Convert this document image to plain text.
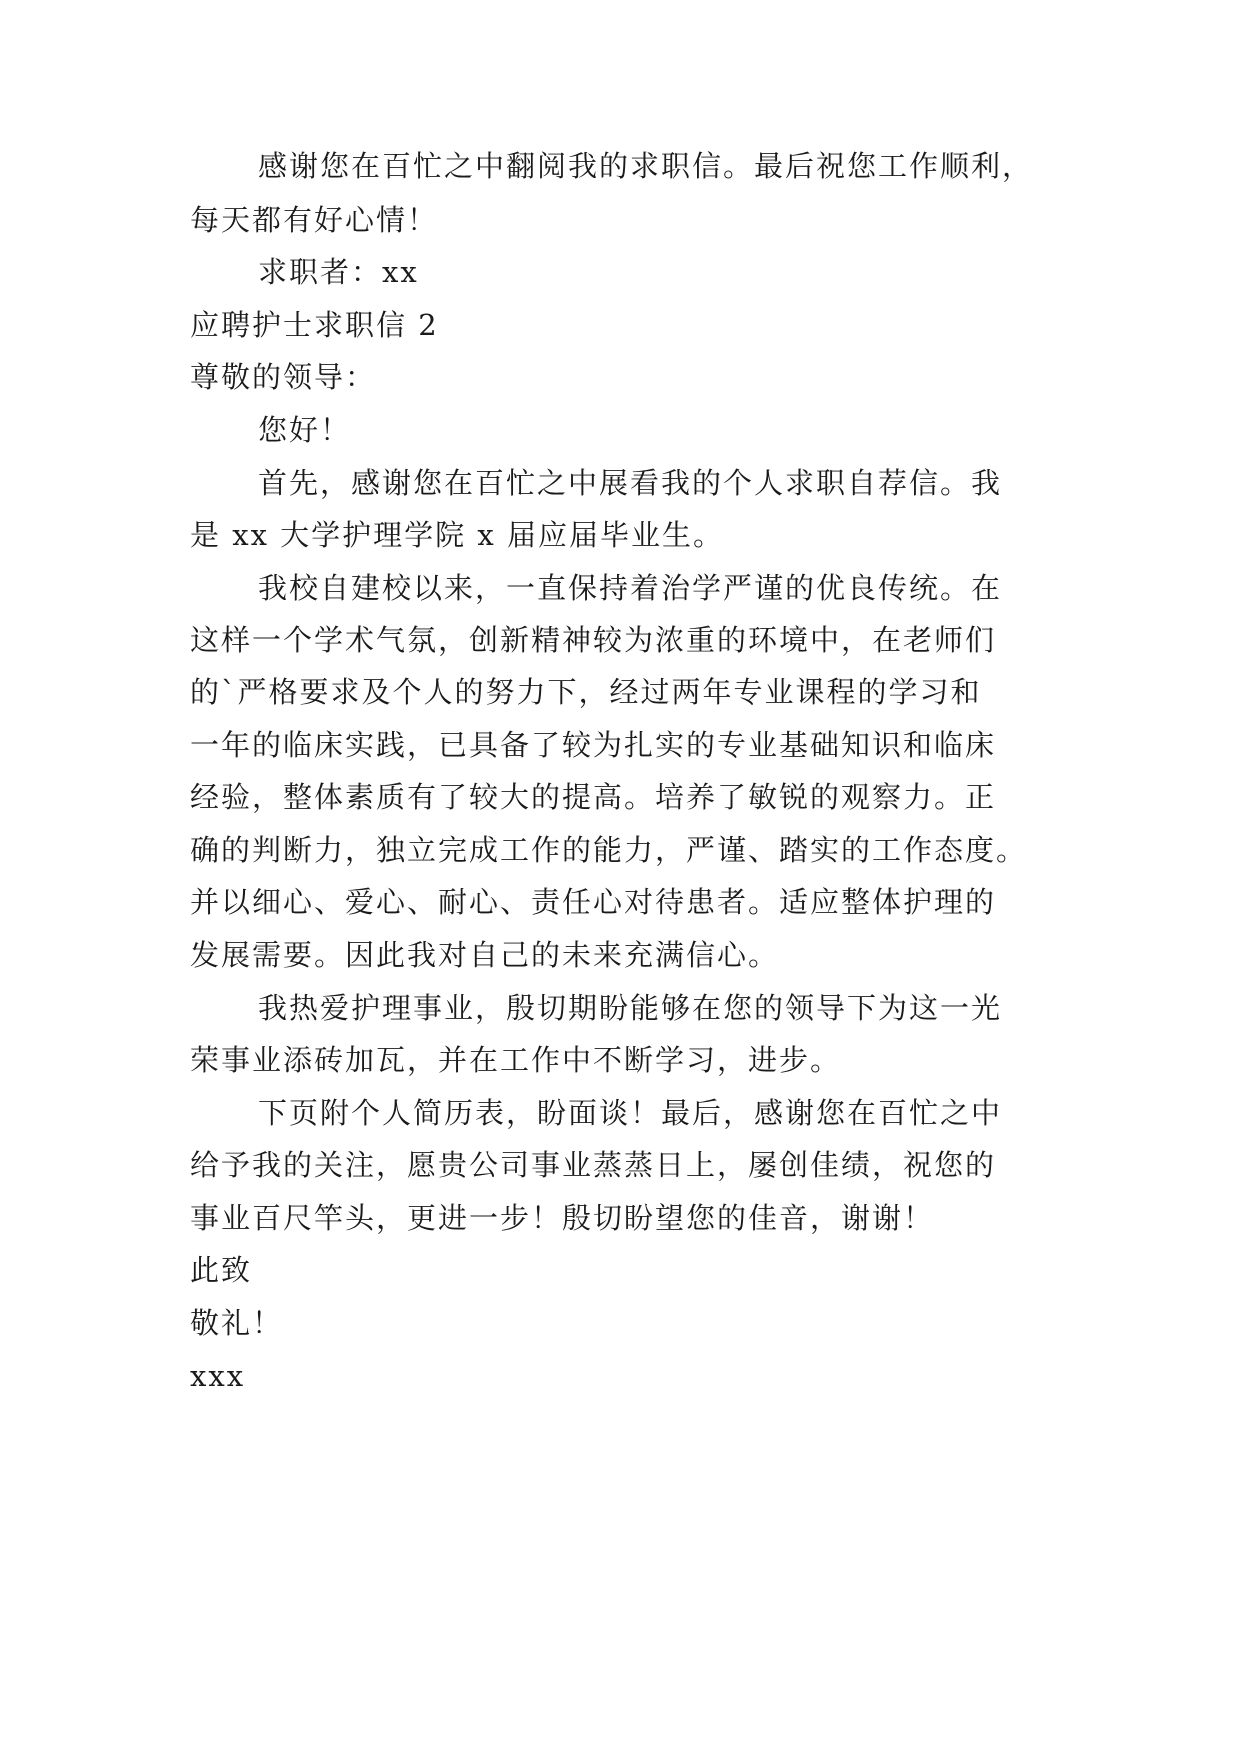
感谢您在百忙之中翻阅我的求职信。最后祝您工作顺利，
每天都有好心情！
求职者：xx
应聘护士求职信 2
尊敬的领导：
您好！
首先，感谢您在百忙之中展看我的个人求职自荐信。我
是 xx 大学护理学院 x 届应届毕业生。
我校自建校以来，一直保持着治学严谨的优良传统。在
这样一个学术气氛，创新精神较为浓重的环境中，在老师们
的`严格要求及个人的努力下，经过两年专业课程的学习和
一年的临床实践，已具备了较为扎实的专业基础知识和临床
经验，整体素质有了较大的提高。培养了敏锐的观察力。正
确的判断力，独立完成工作的能力，严谨、踏实的工作态度。
并以细心、爱心、耐心、责任心对待患者。适应整体护理的
发展需要。因此我对自己的未来充满信心。
我热爱护理事业，殷切期盼能够在您的领导下为这一光
荣事业添砖加瓦，并在工作中不断学习，进步。
下页附个人简历表，盼面谈！最后，感谢您在百忙之中
给予我的关注，愿贵公司事业蒸蒸日上，屡创佳绩，祝您的
事业百尺竿头，更进一步！殷切盼望您的佳音，谢谢！
此致
敬礼！
xxx
